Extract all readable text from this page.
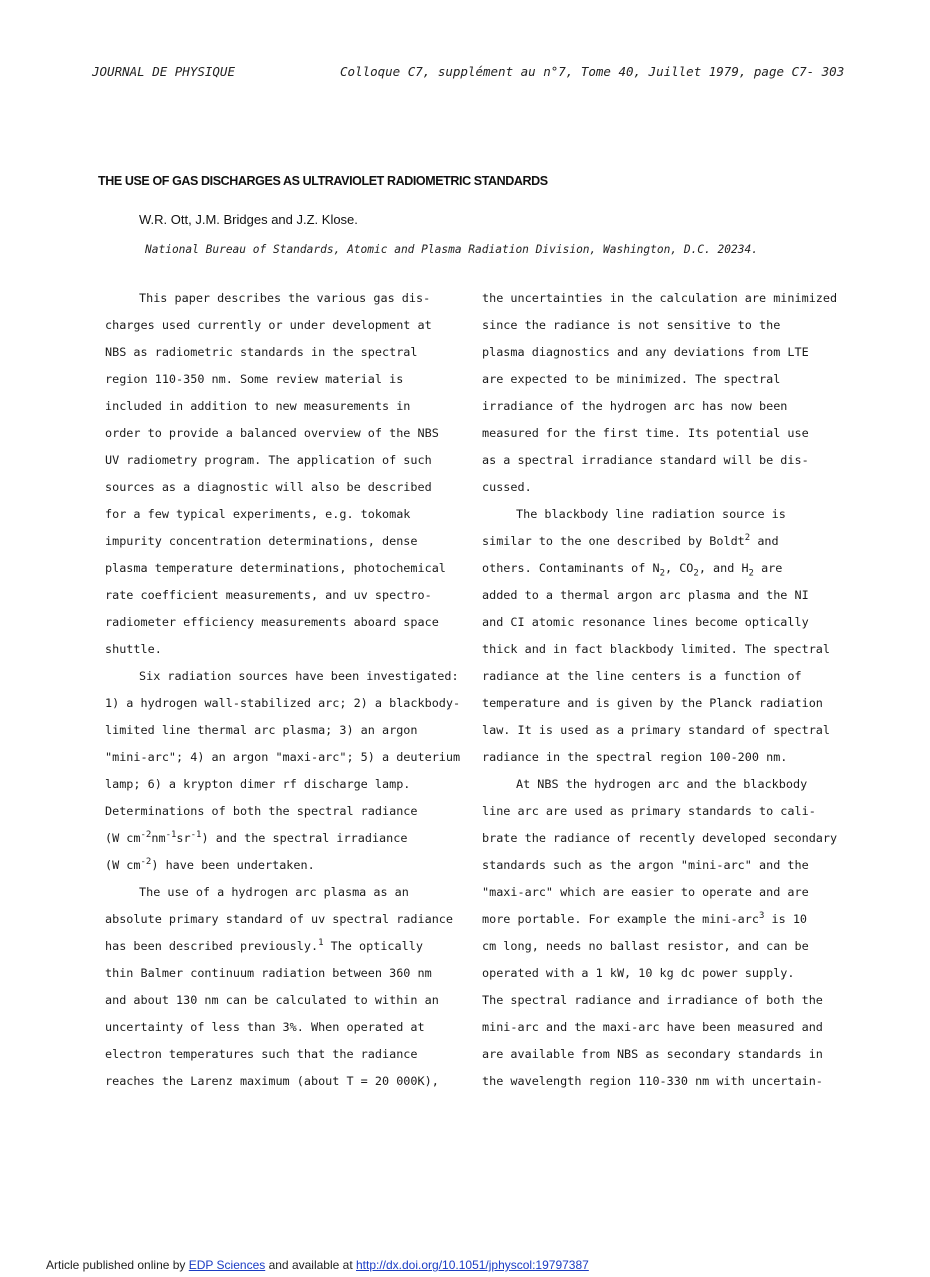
JOURNAL DE PHYSIQUE	Colloque C7, supplément au n°7, Tome 40, Juillet 1979, page C7- 303
THE USE OF GAS DISCHARGES AS ULTRAVIOLET RADIOMETRIC STANDARDS
W.R. Ott, J.M. Bridges and J.Z. Klose.
National Bureau of Standards, Atomic and Plasma Radiation Division, Washington, D.C. 20234.
This paper describes the various gas dis-
charges used currently or under development at
NBS as radiometric standards in the spectral
region 110-350 nm. Some review material is
included in addition to new measurements in
order to provide a balanced overview of the NBS
UV radiometry program. The application of such
sources as a diagnostic will also be described
for a few typical experiments, e.g. tokomak
impurity concentration determinations, dense
plasma temperature determinations, photochemical
rate coefficient measurements, and uv spectro-
radiometer efficiency measurements aboard space
shuttle.
Six radiation sources have been investigated:
1) a hydrogen wall-stabilized arc; 2) a blackbody-
limited line thermal arc plasma; 3) an argon
"mini-arc"; 4) an argon "maxi-arc"; 5) a deuterium
lamp; 6) a krypton dimer rf discharge lamp.
Determinations of both the spectral radiance
(W $cm^{-2}nm^{-1}sr^{-1}$) and the spectral irradiance
(W $cm^{-2}$) have been undertaken.
The use of a hydrogen arc plasma as an
absolute primary standard of uv spectral radiance
has been described previously.$^1$ The optically
thin Balmer continuum radiation between 360 nm
and about 130 nm can be calculated to within an
uncertainty of less than 3%. When operated at
electron temperatures such that the radiance
reaches the Larenz maximum (about T = 20 000K),
the uncertainties in the calculation are minimized
since the radiance is not sensitive to the
plasma diagnostics and any deviations from LTE
are expected to be minimized. The spectral
irradiance of the hydrogen arc has now been
measured for the first time. Its potential use
as a spectral irradiance standard will be dis-
cussed.
The blackbody line radiation source is
similar to the one described by Boldt$^2$ and
others. Contaminants of $N_2$, $CO_2$, and $H_2$ are
added to a thermal argon arc plasma and the NI
and CI atomic resonance lines become optically
thick and in fact blackbody limited. The spectral
radiance at the line centers is a function of
temperature and is given by the Planck radiation
law. It is used as a primary standard of spectral
radiance in the spectral region 100-200 nm.
At NBS the hydrogen arc and the blackbody
line arc are used as primary standards to cali-
brate the radiance of recently developed secondary
standards such as the argon "mini-arc" and the
"maxi-arc" which are easier to operate and are
more portable. For example the mini-arc$^3$ is 10
cm long, needs no ballast resistor, and can be
operated with a 1 kW, 10 kg dc power supply.
The spectral radiance and irradiance of both the
mini-arc and the maxi-arc have been measured and
are available from NBS as secondary standards in
the wavelength region 110-330 nm with uncertain-
Article published online by EDP Sciences and available at http://dx.doi.org/10.1051/jphyscol:19797387
